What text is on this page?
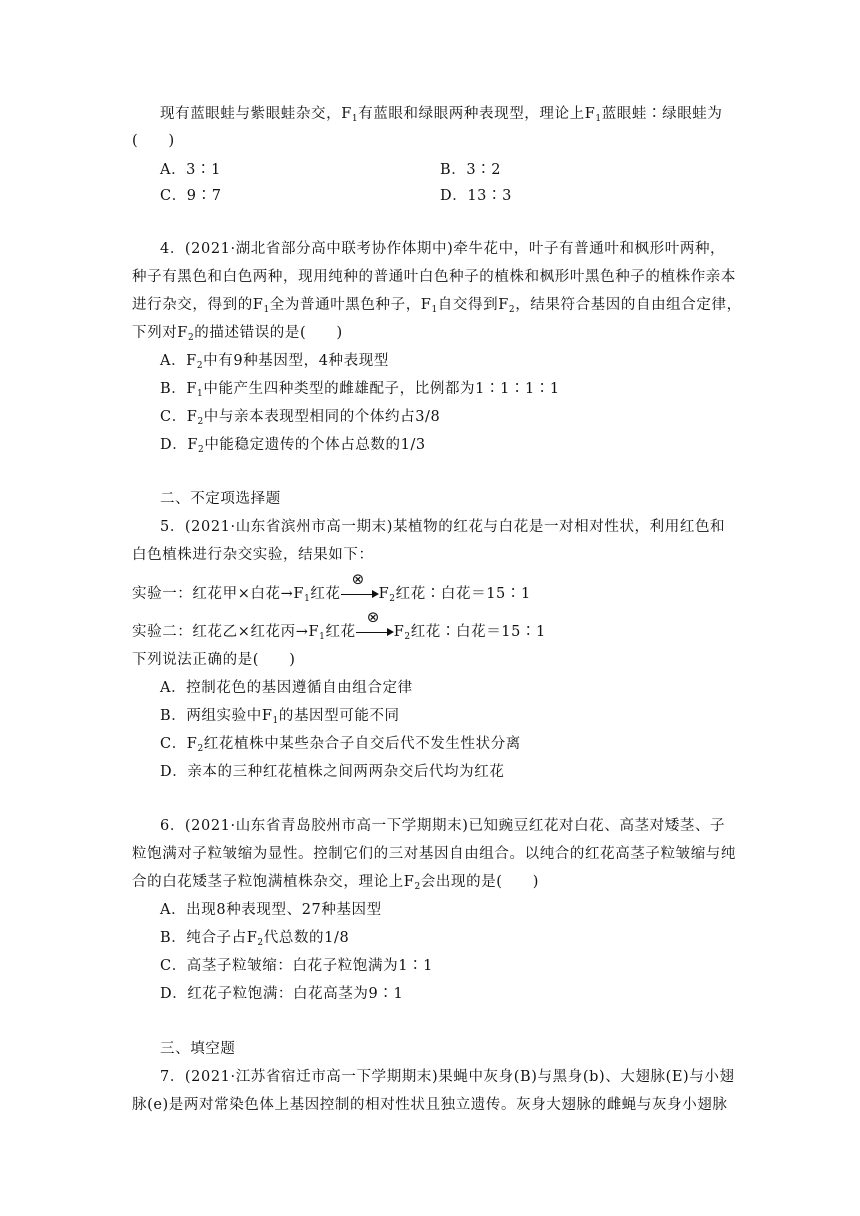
现有蓝眼蛙与紫眼蛙杂交，$F_1$有蓝眼和绿眼两种表现型，理论上$F_1$蓝眼蛙∶绿眼蛙为
(　　)
A．3∶1	B．3∶2
C．9∶7	D．13∶3
4．(2021·湖北省部分高中联考协作体期中)牵牛花中，叶子有普通叶和枫形叶两种，
种子有黑色和白色两种，现用纯种的普通叶白色种子的植株和枫形叶黑色种子的植株作亲本
进行杂交，得到的$F_1$全为普通叶黑色种子，$F_1$自交得到$F_2$，结果符合基因的自由组合定律，
下列对$F_2$的描述错误的是(　　)
A．$F_2$中有9种基因型，4种表现型
B．$F_1$中能产生四种类型的雌雄配子，比例都为1∶1∶1∶1
C．$F_2$中与亲本表现型相同的个体约占3/8
D．$F_2$中能稳定遗传的个体占总数的1/3
二、不定项选择题
5．(2021·山东省滨州市高一期末)某植物的红花与白花是一对相对性状，利用红色和
白色植株进行杂交实验，结果如下：
实验一：红花甲×白花$\to F_1$红花
⊗
$F_2$红花∶白花＝15∶1
实验二：红花乙×红花丙$\to F_1$红花
⊗
$F_2$红花∶白花＝15∶1
下列说法正确的是(　　)
A．控制花色的基因遵循自由组合定律
B．两组实验中$F_1$的基因型可能不同
C．$F_2$红花植株中某些杂合子自交后代不发生性状分离
D．亲本的三种红花植株之间两两杂交后代均为红花
6．(2021·山东省青岛胶州市高一下学期期末)已知豌豆红花对白花、高茎对矮茎、子
粒饱满对子粒皱缩为显性。控制它们的三对基因自由组合。以纯合的红花高茎子粒皱缩与纯
合的白花矮茎子粒饱满植株杂交，理论上$F_2$会出现的是(　　)
A．出现8种表现型、27种基因型
B．纯合子占$F_2$代总数的1/8
C．高茎子粒皱缩：白花子粒饱满为1∶1
D．红花子粒饱满：白花高茎为9∶1
三、填空题
7．(2021·江苏省宿迁市高一下学期期末)果蝇中灰身(B)与黑身(b)、大翅脉(E)与小翅
脉(e)是两对常染色体上基因控制的相对性状且独立遗传。灰身大翅脉的雌蝇与灰身小翅脉
